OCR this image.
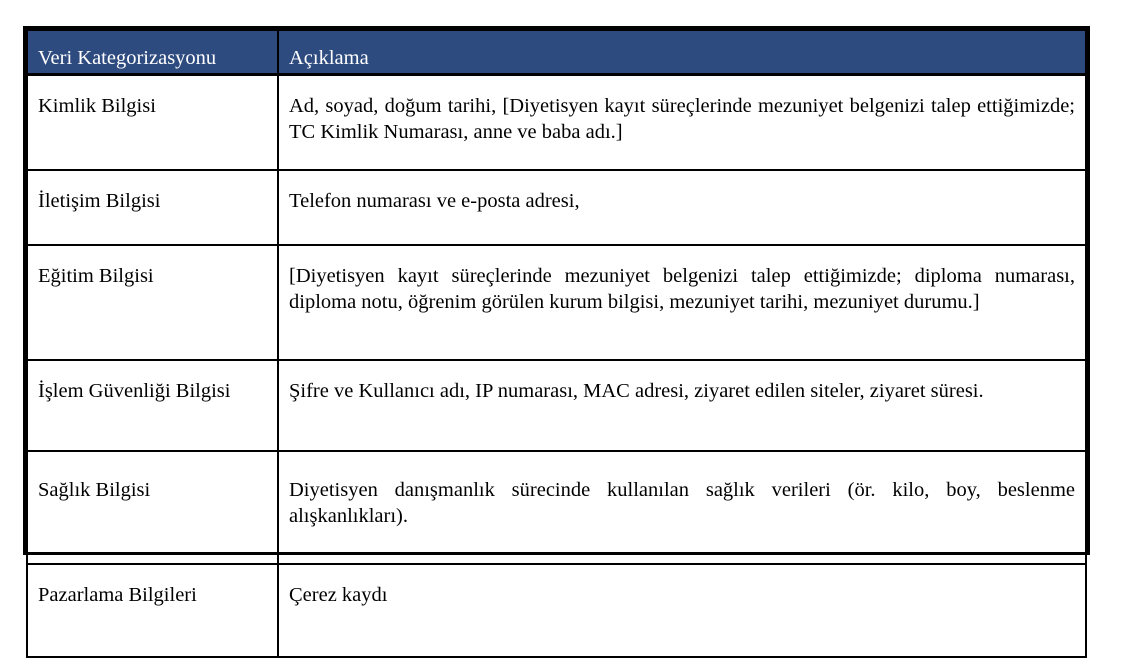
Veri Kategorizasyonu	Açıklama
Kimlik Bilgisi	Ad, soyad, doğum tarihi, [Diyetisyen kayıt süreçlerinde mezuniyet belgenizi talep ettiğimizde; TC Kimlik Numarası, anne ve baba adı.]
İletişim Bilgisi	Telefon numarası ve e-posta adresi,
Eğitim Bilgisi	[Diyetisyen kayıt süreçlerinde mezuniyet belgenizi talep ettiğimizde; diploma numarası, diploma notu, öğrenim görülen kurum bilgisi, mezuniyet tarihi, mezuniyet durumu.]
İşlem Güvenliği Bilgisi	Şifre ve Kullanıcı adı, IP numarası, MAC adresi, ziyaret edilen siteler, ziyaret süresi.
Sağlık Bilgisi	Diyetisyen danışmanlık sürecinde kullanılan sağlık verileri (ör. kilo, boy, beslenme alışkanlıkları).
Pazarlama Bilgileri	Çerez kaydı
